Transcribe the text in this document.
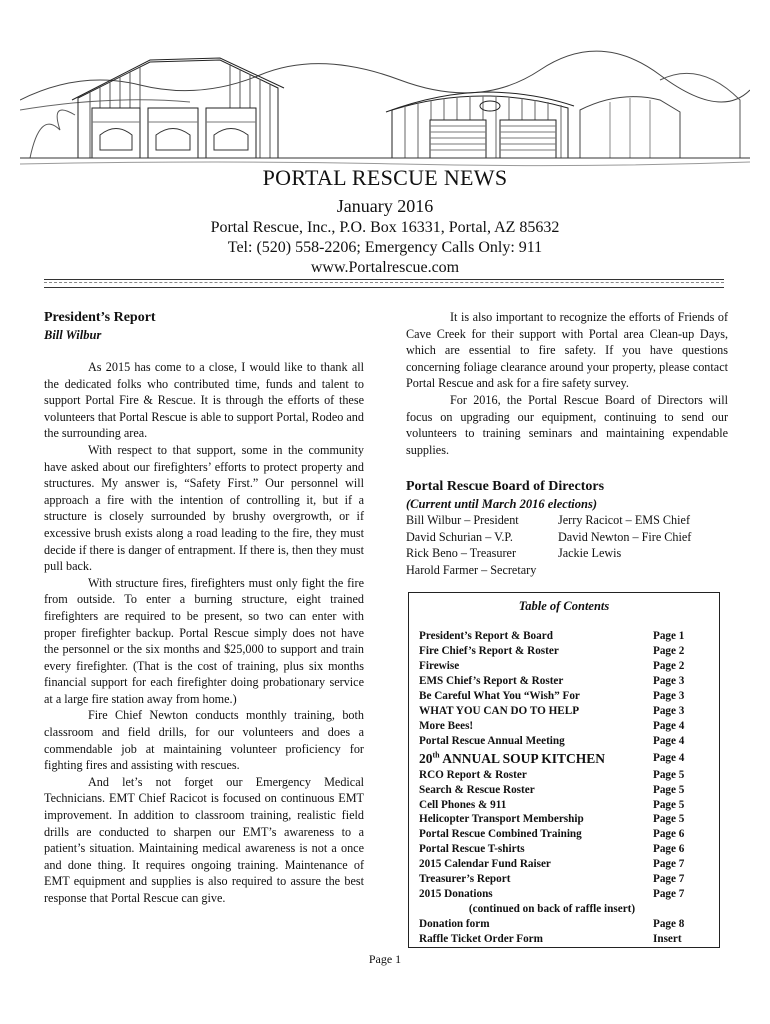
PORTAL RESCUE NEWS
January 2016
Portal Rescue, Inc., P.O. Box 16331, Portal, AZ 85632
Tel: (520) 558-2206; Emergency Calls Only: 911
www.Portalrescue.com
President’s Report
Bill Wilbur

As 2015 has come to a close, I would like to thank all the dedicated folks who contributed time, funds and talent to support Portal Fire & Rescue. It is through the efforts of these volunteers that Portal Rescue is able to support Portal, Rodeo and the surrounding area.

With respect to that support, some in the community have asked about our firefighters’ efforts to protect property and structures. My answer is, “Safety First.” Our personnel will approach a fire with the intention of controlling it, but if a structure is closely surrounded by brushy overgrowth, or if excessive brush exists along a road leading to the fire, they must decide if there is danger of entrapment. If there is, then they must pull back.

With structure fires, firefighters must only fight the fire from outside. To enter a burning structure, eight trained firefighters are required to be present, so two can enter with proper firefighter backup. Portal Rescue simply does not have the personnel or the six months and $25,000 to support and train every firefighter. (That is the cost of training, plus six months financial support for each firefighter doing probationary service at a large fire station away from home.)

Fire Chief Newton conducts monthly training, both classroom and field drills, for our volunteers and does a commendable job at maintaining volunteer proficiency for fighting fires and assisting with rescues.

And let’s not forget our Emergency Medical Technicians. EMT Chief Racicot is focused on continuous EMT improvement. In addition to classroom training, realistic field drills are conducted to sharpen our EMT’s awareness to a patient’s situation. Maintaining medical awareness is not a once and done thing. It requires ongoing training. Maintenance of EMT equipment and supplies is also required to assure the best response that Portal Rescue can give.

It is also important to recognize the efforts of Friends of Cave Creek for their support with Portal area Clean-up Days, which are essential to fire safety. If you have questions concerning foliage clearance around your property, please contact Portal Rescue and ask for a fire safety survey.

For 2016, the Portal Rescue Board of Directors will focus on upgrading our equipment, continuing to send our volunteers to training seminars and maintaining expendable supplies.

Portal Rescue Board of Directors
(Current until March 2016 elections)
Bill Wilbur – President	Jerry Racicot – EMS Chief
David Schurian – V.P.	David Newton – Fire Chief
Rick Beno – Treasurer	Jackie Lewis
Harold Farmer – Secretary
Table of Contents
President’s Report & Board	Page 1
Fire Chief’s Report & Roster	Page 2
Firewise	Page 2
EMS Chief’s Report & Roster	Page 3
Be Careful What You “Wish” For	Page 3
WHAT YOU CAN DO TO HELP	Page 3
More Bees!	Page 4
Portal Rescue Annual Meeting	Page 4
20th ANNUAL SOUP KITCHEN	Page 4
RCO Report & Roster	Page 5
Search & Rescue Roster	Page 5
Cell Phones & 911	Page 5
Helicopter Transport Membership	Page 5
Portal Rescue Combined Training	Page 6
Portal Rescue T-shirts	Page 6
2015 Calendar Fund Raiser	Page 7
Treasurer’s Report	Page 7
2015 Donations	Page 7
(continued on back of raffle insert)
Donation form	Page 8
Raffle Ticket Order Form	Insert
Page 1
